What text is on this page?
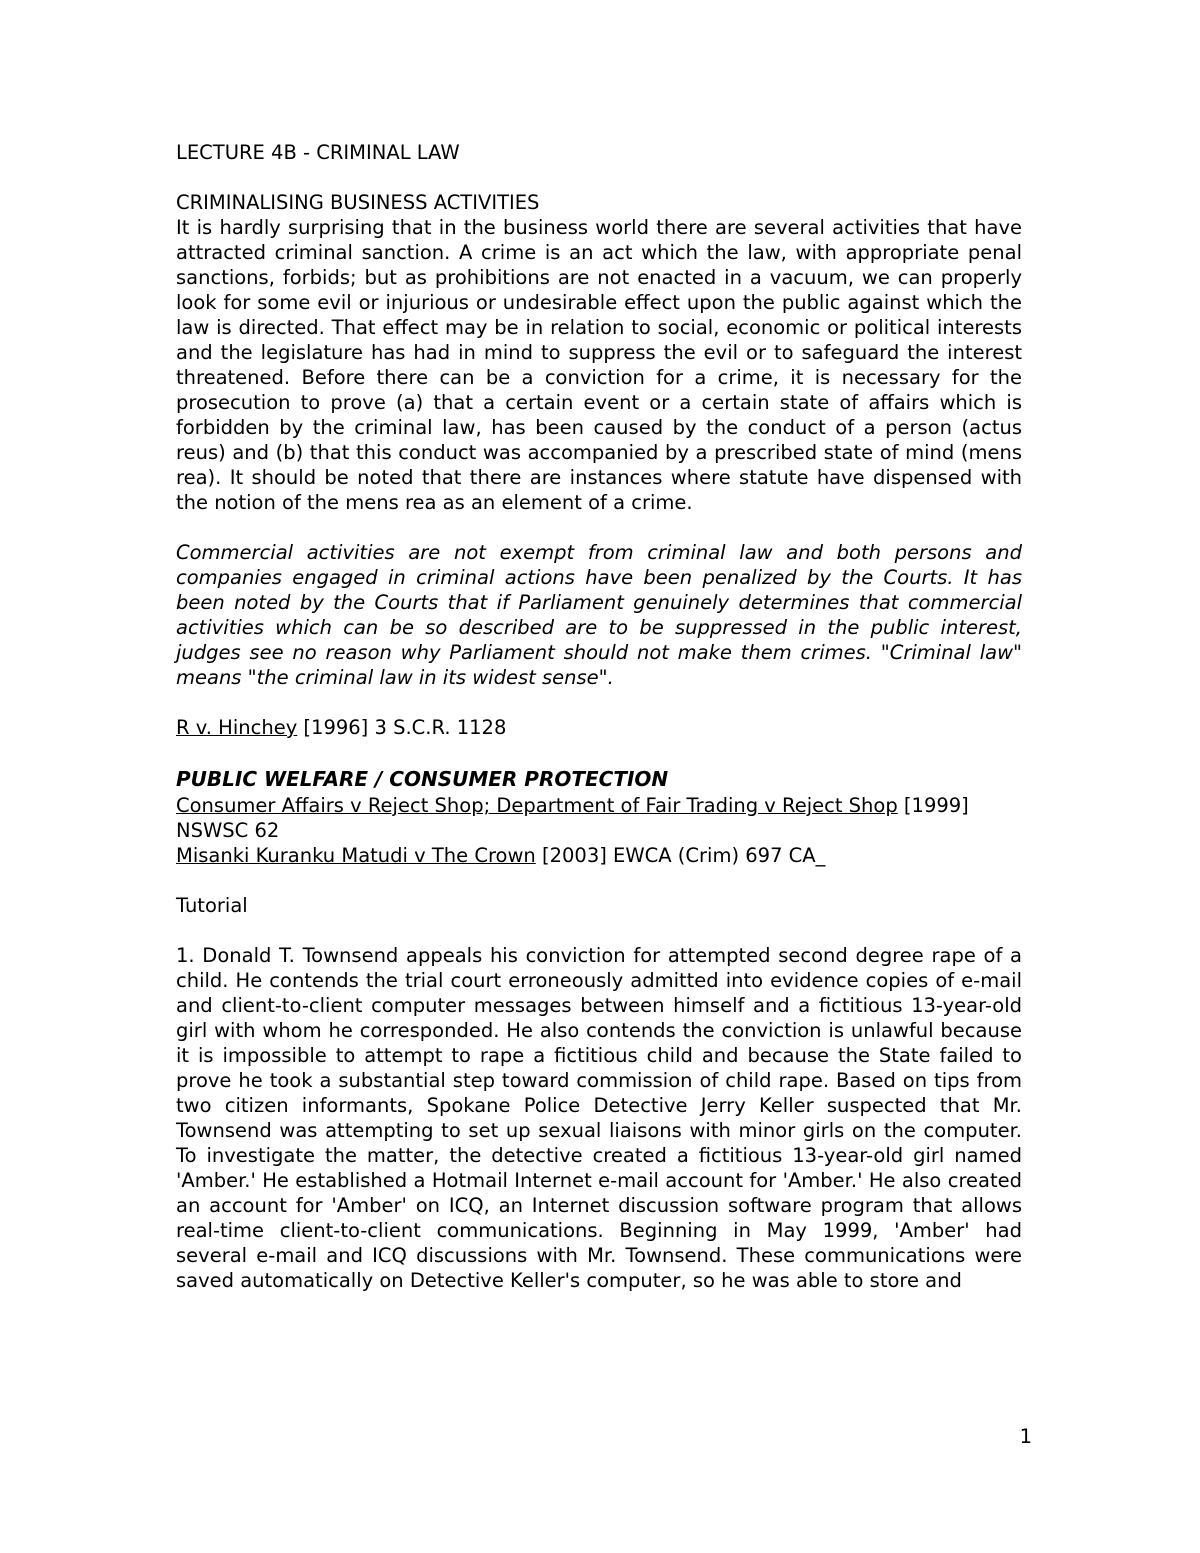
LECTURE 4B - CRIMINAL LAW
CRIMINALISING BUSINESS ACTIVITIES

It is hardly surprising that in the business world there are several activities that have attracted criminal sanction. A crime is an act which the law, with appropriate penal sanctions, forbids; but as prohibitions are not enacted in a vacuum, we can properly look for some evil or injurious or undesirable effect upon the public against which the law is directed. That effect may be in relation to social, economic or political interests and the legislature has had in mind to suppress the evil or to safeguard the interest threatened. Before there can be a conviction for a crime, it is necessary for the prosecution to prove (a) that a certain event or a certain state of affairs which is forbidden by the criminal law, has been caused by the conduct of a person (actus reus) and (b) that this conduct was accompanied by a prescribed state of mind (mens rea). It should be noted that there are instances where statute have dispensed with the notion of the mens rea as an element of a crime.

Commercial activities are not exempt from criminal law and both persons and companies engaged in criminal actions have been penalized by the Courts. It has been noted by the Courts that if Parliament genuinely determines that commercial activities which can be so described are to be suppressed in the public interest, judges see no reason why Parliament should not make them crimes. "Criminal law" means "the criminal law in its widest sense".

R v. Hinchey [1996] 3 S.C.R. 1128

PUBLIC WELFARE / CONSUMER PROTECTION

Consumer Affairs v Reject Shop; Department of Fair Trading v Reject Shop [1999] NSWSC 62

Misanki Kuranku Matudi v The Crown [2003] EWCA (Crim) 697 CA_

Tutorial

1. Donald T. Townsend appeals his conviction for attempted second degree rape of a child. He contends the trial court erroneously admitted into evidence copies of e-mail and client-to-client computer messages between himself and a fictitious 13-year-old girl with whom he corresponded. He also contends the conviction is unlawful because it is impossible to attempt to rape a fictitious child and because the State failed to prove he took a substantial step toward commission of child rape. Based on tips from two citizen informants, Spokane Police Detective Jerry Keller suspected that Mr. Townsend was attempting to set up sexual liaisons with minor girls on the computer. To investigate the matter, the detective created a fictitious 13-year-old girl named 'Amber.' He established a Hotmail Internet e-mail account for 'Amber.' He also created an account for 'Amber' on ICQ, an Internet discussion software program that allows real-time client-to-client communications. Beginning in May 1999, 'Amber' had several e-mail and ICQ discussions with Mr. Townsend. These communications were saved automatically on Detective Keller's computer, so he was able to store and

1
